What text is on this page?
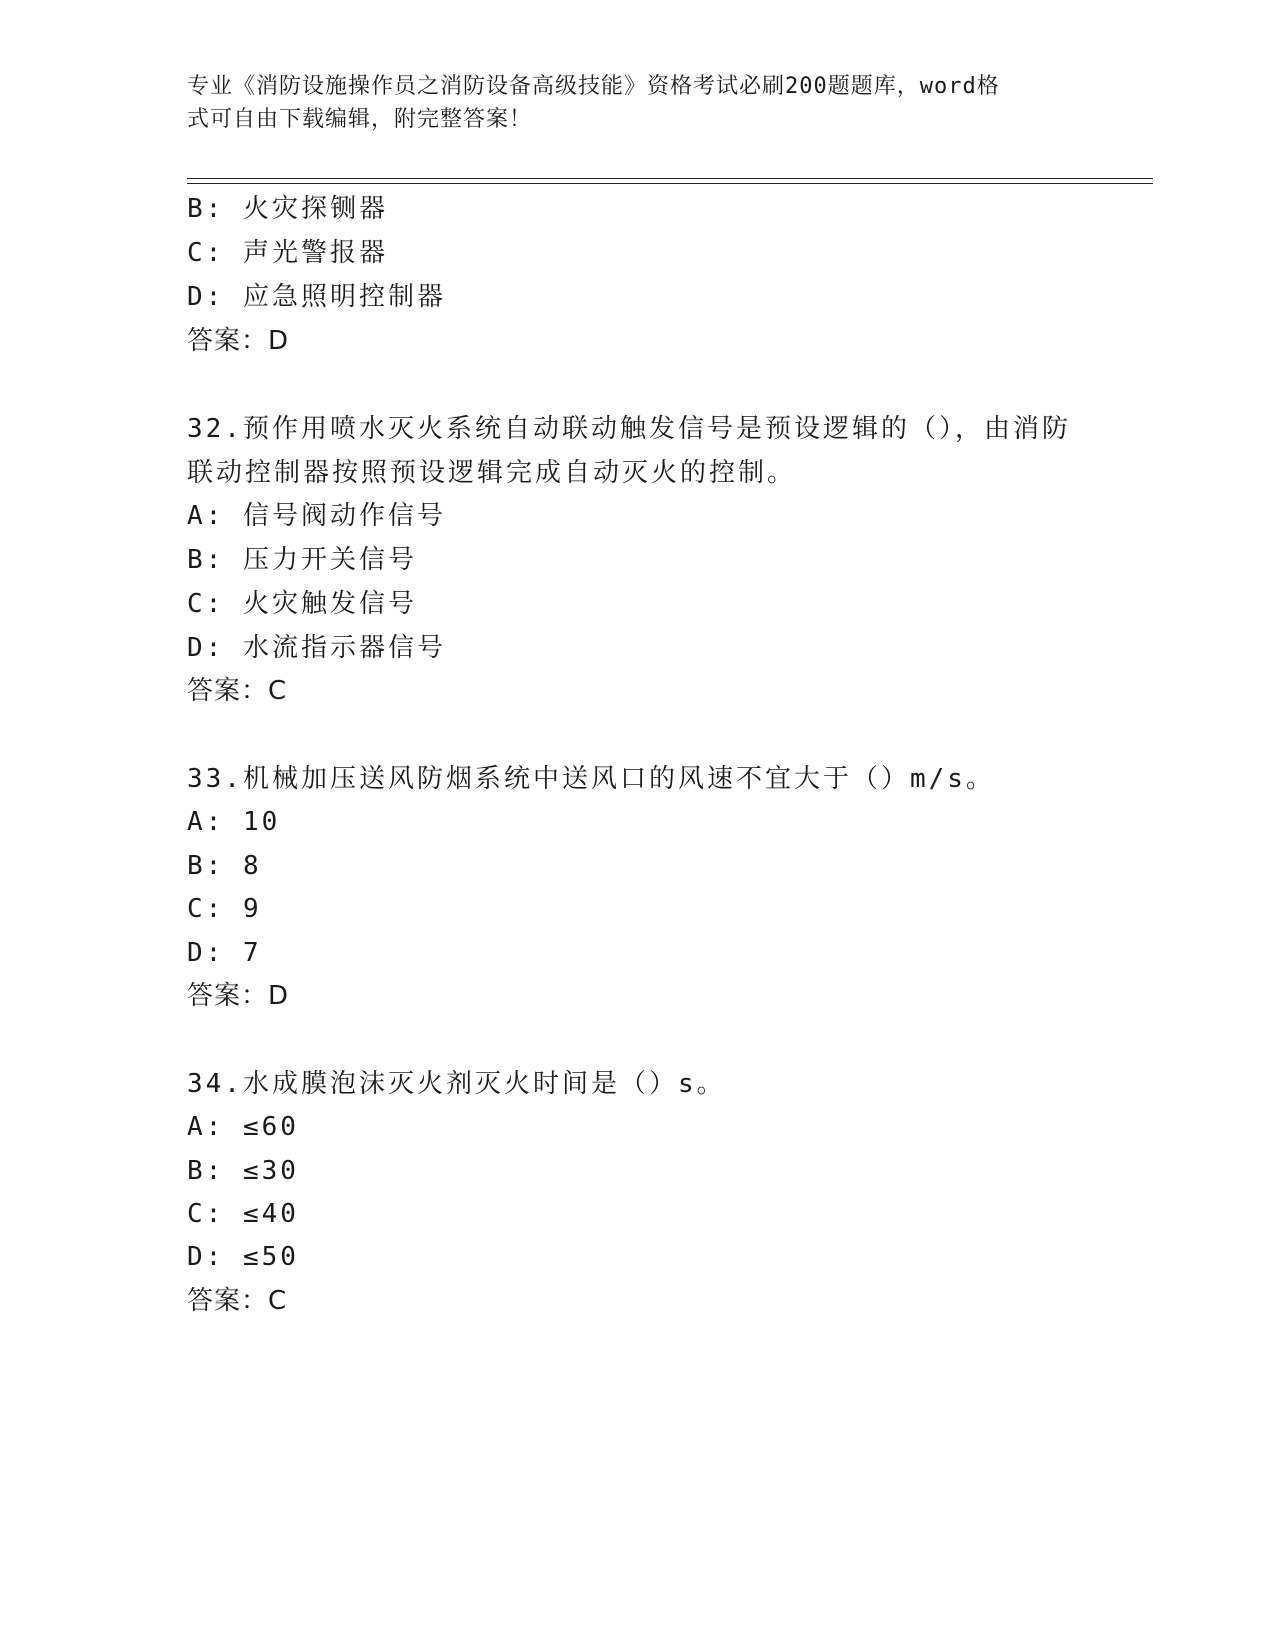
专业《消防设施操作员之消防设备高级技能》资格考试必刷200题题库，word格
式可自由下载编辑，附完整答案！
B: 火灾探铡器
C: 声光警报器
D: 应急照明控制器
答案：D
32.预作用喷水灭火系统自动联动触发信号是预设逻辑的（），由消防
联动控制器按照预设逻辑完成自动灭火的控制。
A: 信号阀动作信号
B: 压力开关信号
C: 火灾触发信号
D: 水流指示器信号
答案：C
33.机械加压送风防烟系统中送风口的风速不宜大于（）m/s。
A: 10
B: 8
C: 9
D: 7
答案：D
34.水成膜泡沫灭火剂灭火时间是（）s。
A: ≤60
B: ≤30
C: ≤40
D: ≤50
答案：C
